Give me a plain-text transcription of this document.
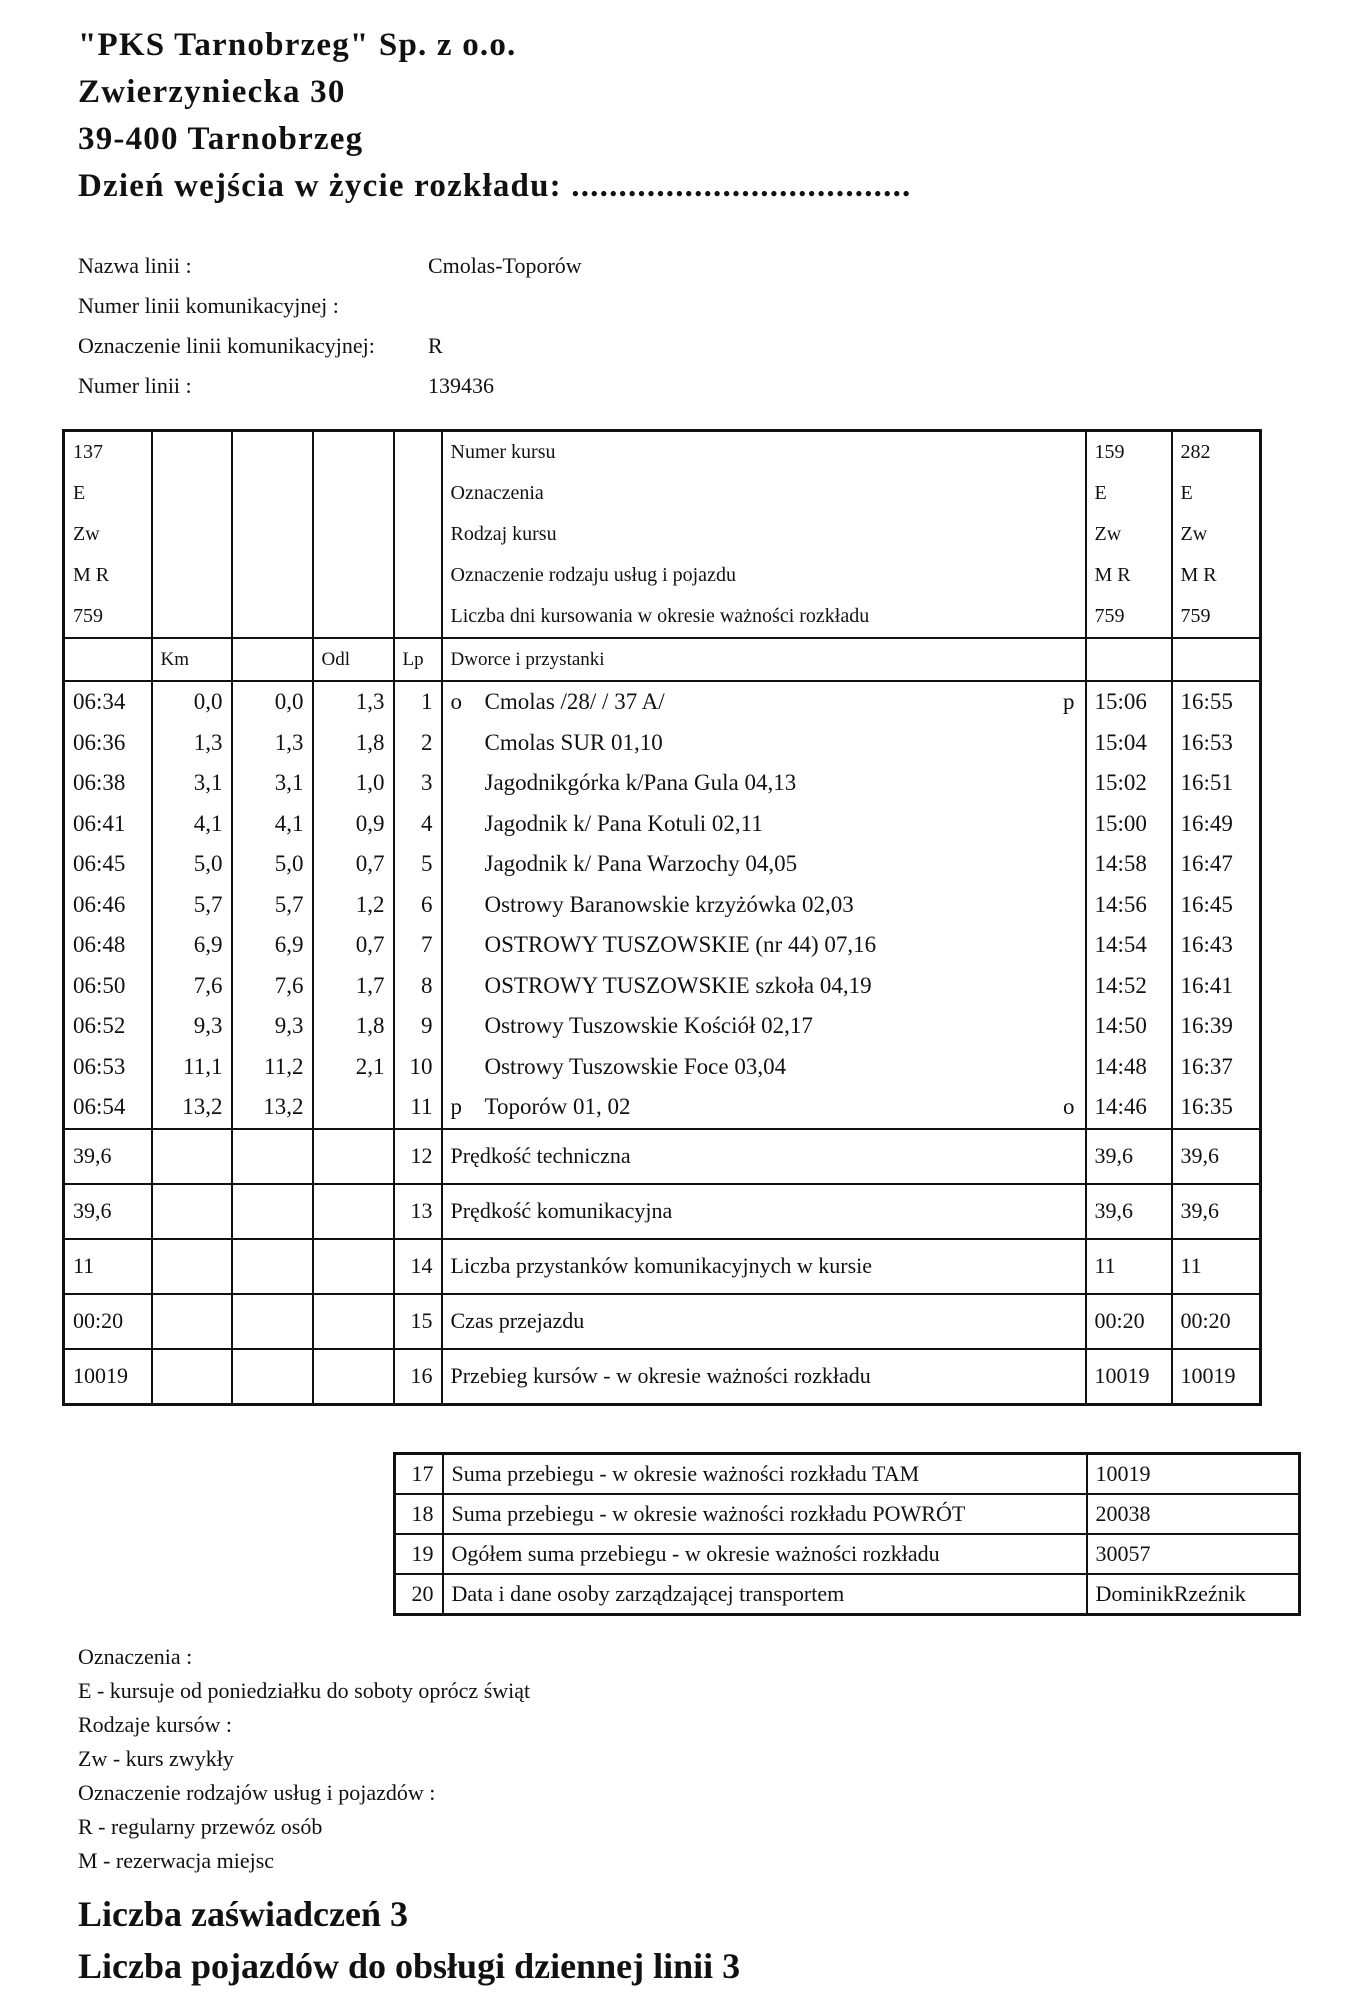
"PKS Tarnobrzeg" Sp. z o.o.
Zwierzyniecka 30
39-400 Tarnobrzeg
Dzień wejścia w życie rozkładu: ....................................
Nazwa linii :	Cmolas-Toporów
Numer linii komunikacyjnej :
Oznaczenie linii komunikacyjnej: R
Numer linii :	139436
137					Numer kursu	159	282
E					Oznaczenia	E	E
Zw					Rodzaj kursu	Zw	Zw
M R					Oznaczenie rodzaju usług i pojazdu	M R	M R
759					Liczba dni kursowania w okresie ważności rozkładu	759	759
	Km		Odl	Lp	Dworce i przystanki		
06:34	0,0	0,0	1,3	1	o Cmolas /28/ / 37 A/ p	15:06	16:55
06:36	1,3	1,3	1,8	2	Cmolas SUR 01,10	15:04	16:53
06:38	3,1	3,1	1,0	3	Jagodnikgórka k/Pana Gula 04,13	15:02	16:51
06:41	4,1	4,1	0,9	4	Jagodnik k/ Pana Kotuli 02,11	15:00	16:49
06:45	5,0	5,0	0,7	5	Jagodnik k/ Pana Warzochy 04,05	14:58	16:47
06:46	5,7	5,7	1,2	6	Ostrowy Baranowskie krzyżówka 02,03	14:56	16:45
06:48	6,9	6,9	0,7	7	OSTROWY TUSZOWSKIE (nr 44) 07,16	14:54	16:43
06:50	7,6	7,6	1,7	8	OSTROWY TUSZOWSKIE szkoła 04,19	14:52	16:41
06:52	9,3	9,3	1,8	9	Ostrowy Tuszowskie Kościół 02,17	14:50	16:39
06:53	11,1	11,2	2,1	10	Ostrowy Tuszowskie Foce 03,04	14:48	16:37
06:54	13,2	13,2		11	p Toporów 01, 02 o	14:46	16:35
39,6				12	Prędkość techniczna	39,6	39,6
39,6				13	Prędkość komunikacyjna	39,6	39,6
11				14	Liczba przystanków komunikacyjnych w kursie	11	11
00:20				15	Czas przejazdu	00:20	00:20
10019				16	Przebieg kursów - w okresie ważności rozkładu	10019	10019
17	Suma przebiegu - w okresie ważności rozkładu TAM	10019
18	Suma przebiegu - w okresie ważności rozkładu POWRÓT	20038
19	Ogółem suma przebiegu - w okresie ważności rozkładu	30057
20	Data i dane osoby zarządzającej transportem	DominikRzeźnik
Oznaczenia :
E - kursuje od poniedziałku do soboty oprócz świąt
Rodzaje kursów :
Zw - kurs zwykły
Oznaczenie rodzajów usług i pojazdów :
R - regularny przewóz osób
M - rezerwacja miejsc
Liczba zaświadczeń 3
Liczba pojazdów do obsługi dziennej linii 3
